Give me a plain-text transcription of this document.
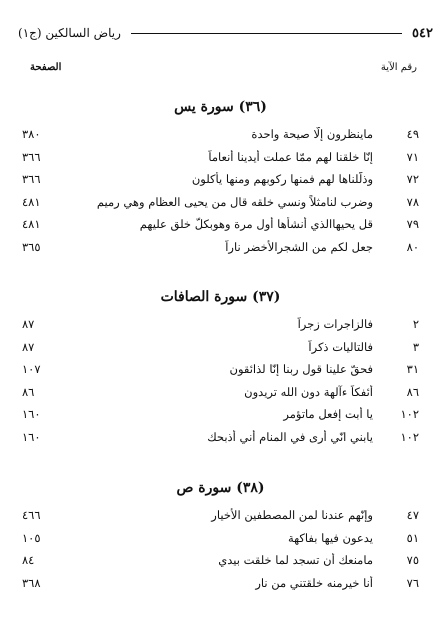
٥٤٢
رياض السالكين (ج١)
رقم الآية
الصفحة
(٣٦) سورة يس
٤٩
ماينظرون إلّا صيحة واحدة
٣٨٠
٧١
إنّا خلقنا لهم ممّا عملت أيدينا أنعاماً
٣٦٦
٧٢
وذلّلناها لهم فمنها ركوبهم ومنها يأكلون
٣٦٦
٧٨
وضرب لنامثلاً ونسي خلقه قال من يحيى العظام وهي رميم
٤٨١
٧٩
قل يحيهاالذي أنشأها أول مرة وهوبكلّ خلق عليهم
٤٨١
٨٠
جعل لكم من الشجرالأخضر ناراً
٣٦٥
(٣٧) سورة الصافات
٢
فالزاجرات زجراً
٨٧
٣
فالتاليات ذكراً
٨٧
٣١
فحقّ علينا قول ربنا إنّا لذائقون
١٠٧
٨٦
أئفكاً ءآلهة دون الله تريدون
٨٦
١٠٢
يا أبت إفعل ماتؤمر
١٦٠
١٠٢
يابني انّي أرى في المنام أني أذبحك
١٦٠
(٣٨) سورة ص
٤٧
وإنّهم عندنا لمن المصطفين الأخيار
٤٦٦
٥١
يدعون فيها بفاكهة
١٠٥
٧٥
مامنعك أن تسجد لما خلقت بيدي
٨٤
٧٦
أنا خيرمنه خلقتني من نار
٣٦٨
